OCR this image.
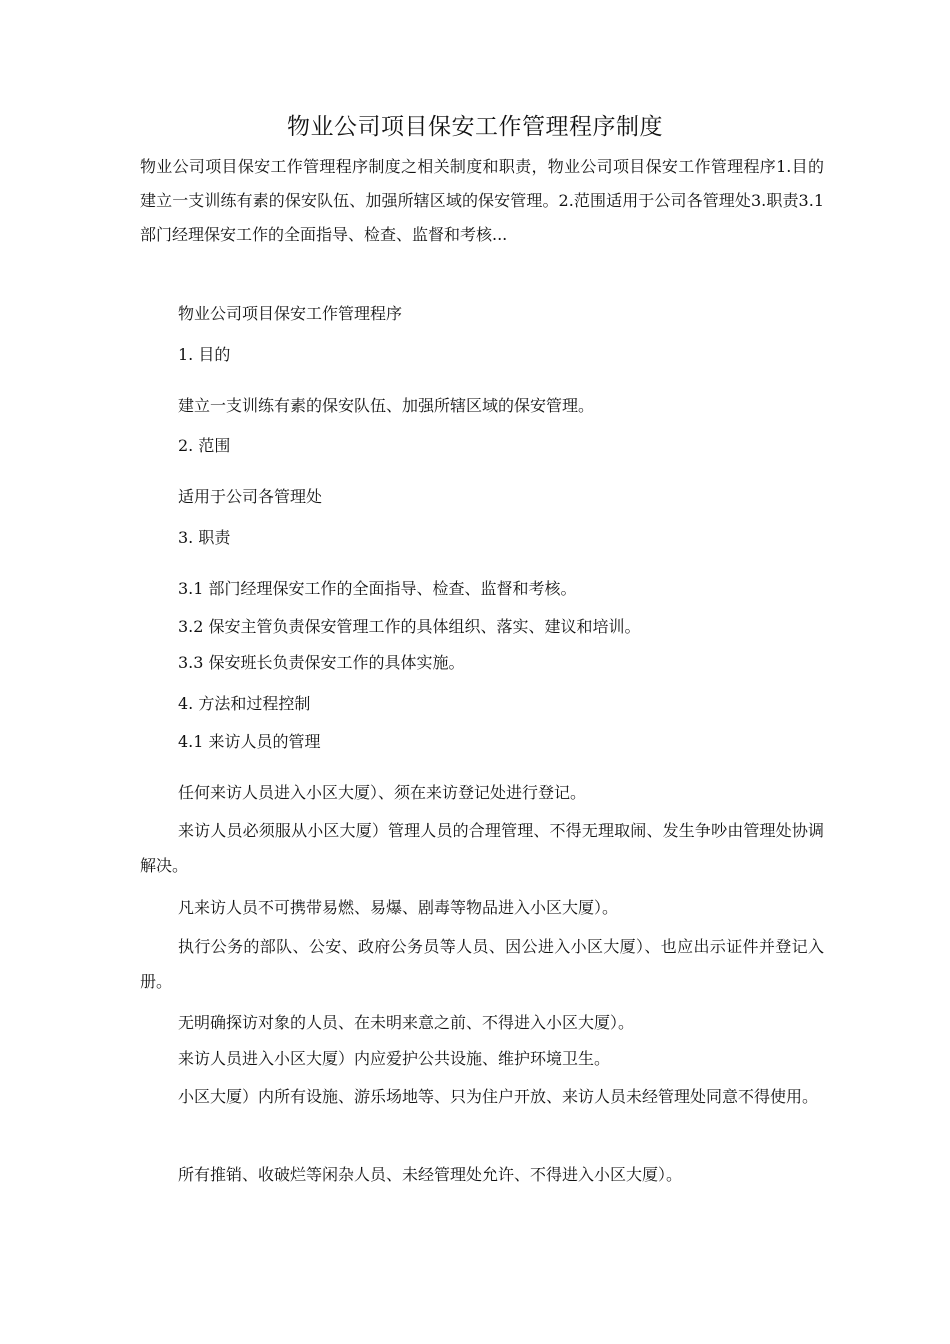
物业公司项目保安工作管理程序制度
物业公司项目保安工作管理程序制度之相关制度和职责，物业公司项目保安工作管理程序1.目的建立一支训练有素的保安队伍、加强所辖区域的保安管理。2.范围适用于公司各管理处3.职责3.1部门经理保安工作的全面指导、检查、监督和考核...
物业公司项目保安工作管理程序
1. 目的
建立一支训练有素的保安队伍、加强所辖区域的保安管理。
2. 范围
适用于公司各管理处
3. 职责
3.1 部门经理保安工作的全面指导、检查、监督和考核。
3.2 保安主管负责保安管理工作的具体组织、落实、建议和培训。
3.3 保安班长负责保安工作的具体实施。
4. 方法和过程控制
4.1 来访人员的管理
任何来访人员进入小区大厦）、须在来访登记处进行登记。
来访人员必须服从小区大厦）管理人员的合理管理、不得无理取闹、发生争吵由管理处协调解决。
凡来访人员不可携带易燃、易爆、剧毒等物品进入小区大厦）。
执行公务的部队、公安、政府公务员等人员、因公进入小区大厦）、也应出示证件并登记入册。
无明确探访对象的人员、在未明来意之前、不得进入小区大厦）。
来访人员进入小区大厦）内应爱护公共设施、维护环境卫生。
小区大厦）内所有设施、游乐场地等、只为住户开放、来访人员未经管理处同意不得使用。
所有推销、收破烂等闲杂人员、未经管理处允许、不得进入小区大厦）。
